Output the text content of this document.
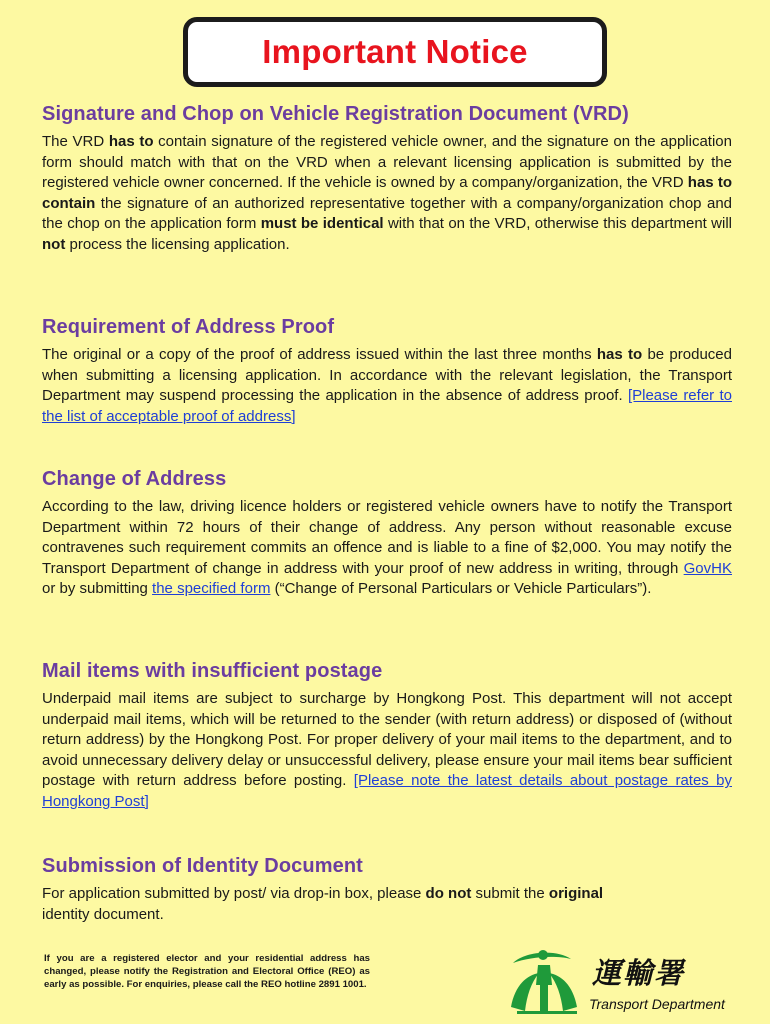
Important Notice
Signature and Chop on Vehicle Registration Document (VRD)

The VRD has to contain signature of the registered vehicle owner, and the signature on the application form should match with that on the VRD when a relevant licensing application is submitted by the registered vehicle owner concerned. If the vehicle is owned by a company/organization, the VRD has to contain the signature of an authorized representative together with a company/organization chop and the chop on the application form must be identical with that on the VRD, otherwise this department will not process the licensing application.

Requirement of Address Proof

The original or a copy of the proof of address issued within the last three months has to be produced when submitting a licensing application. In accordance with the relevant legislation, the Transport Department may suspend processing the application in the absence of address proof. [Please refer to the list of acceptable proof of address]

Change of Address

According to the law, driving licence holders or registered vehicle owners have to notify the Transport Department within 72 hours of their change of address. Any person without reasonable excuse contravenes such requirement commits an offence and is liable to a fine of $2,000. You may notify the Transport Department of change in address with your proof of new address in writing, through GovHK or by submitting the specified form (“Change of Personal Particulars or Vehicle Particulars”).

Mail items with insufficient postage

Underpaid mail items are subject to surcharge by Hongkong Post. This department will not accept underpaid mail items, which will be returned to the sender (with return address) or disposed of (without return address) by the Hongkong Post. For proper delivery of your mail items to the department, and to avoid unnecessary delivery delay or unsuccessful delivery, please ensure your mail items bear sufficient postage with return address before posting. [Please note the latest details about postage rates by Hongkong Post]

Submission of Identity Document

For application submitted by post/ via drop-in box, please do not submit the original
identity document.

If you are a registered elector and your residential address has changed, please notify the Registration and Electoral Office (REO) as early as possible. For enquiries, please call the REO hotline 2891 1001.	運輸署
Transport Department
